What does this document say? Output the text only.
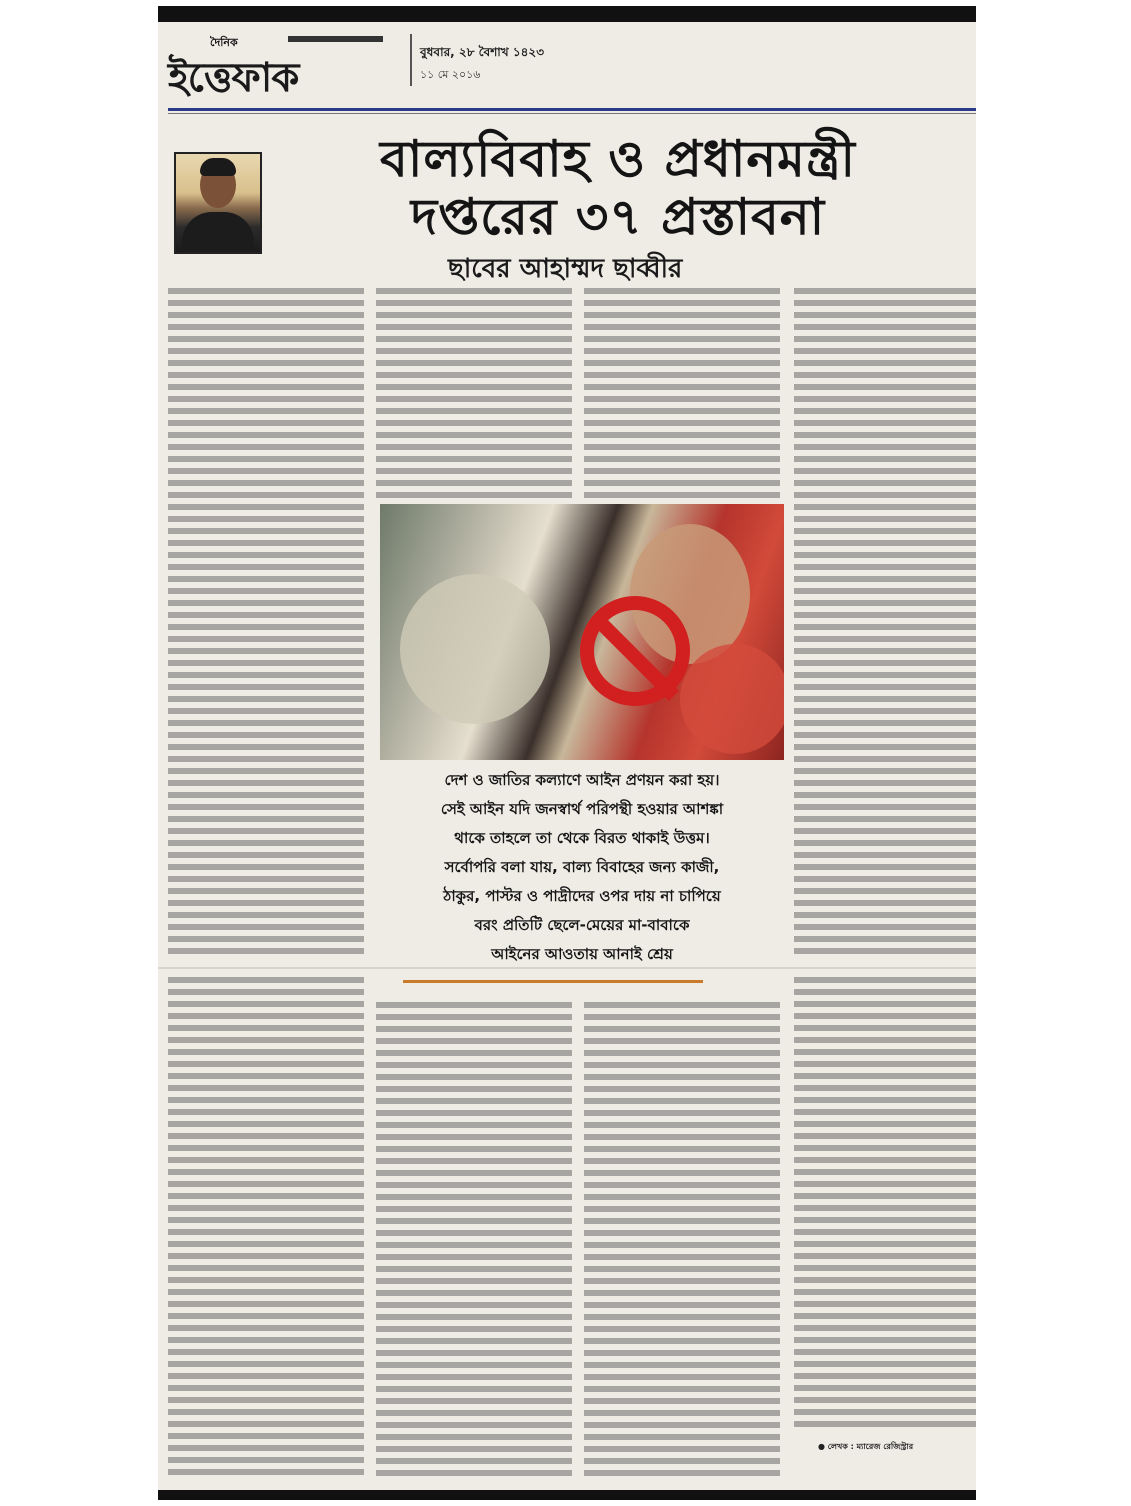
দৈনিক
ইত্তেফাক
বুধবার, ২৮ বৈশাখ ১৪২৩
১১ মে ২০১৬
বাল্যবিবাহ ও প্রধানমন্ত্রী
দপ্তরের ৩৭ প্রস্তাবনা
ছাবের আহাম্মদ ছাব্বীর
দেশ ও জাতির কল্যাণে আইন প্রণয়ন করা হয়।
সেই আইন যদি জনস্বার্থ পরিপন্থী হওয়ার আশঙ্কা
থাকে তাহলে তা থেকে বিরত থাকাই উত্তম।
সর্বোপরি বলা যায়, বাল্য বিবাহের জন্য কাজী,
ঠাকুর, পাস্টর ও পাদ্রীদের ওপর দায় না চাপিয়ে
বরং প্রতিটি ছেলে-মেয়ের মা-বাবাকে
আইনের আওতায় আনাই শ্রেয়
● লেখক : ম্যারেজ রেজিস্ট্রার
